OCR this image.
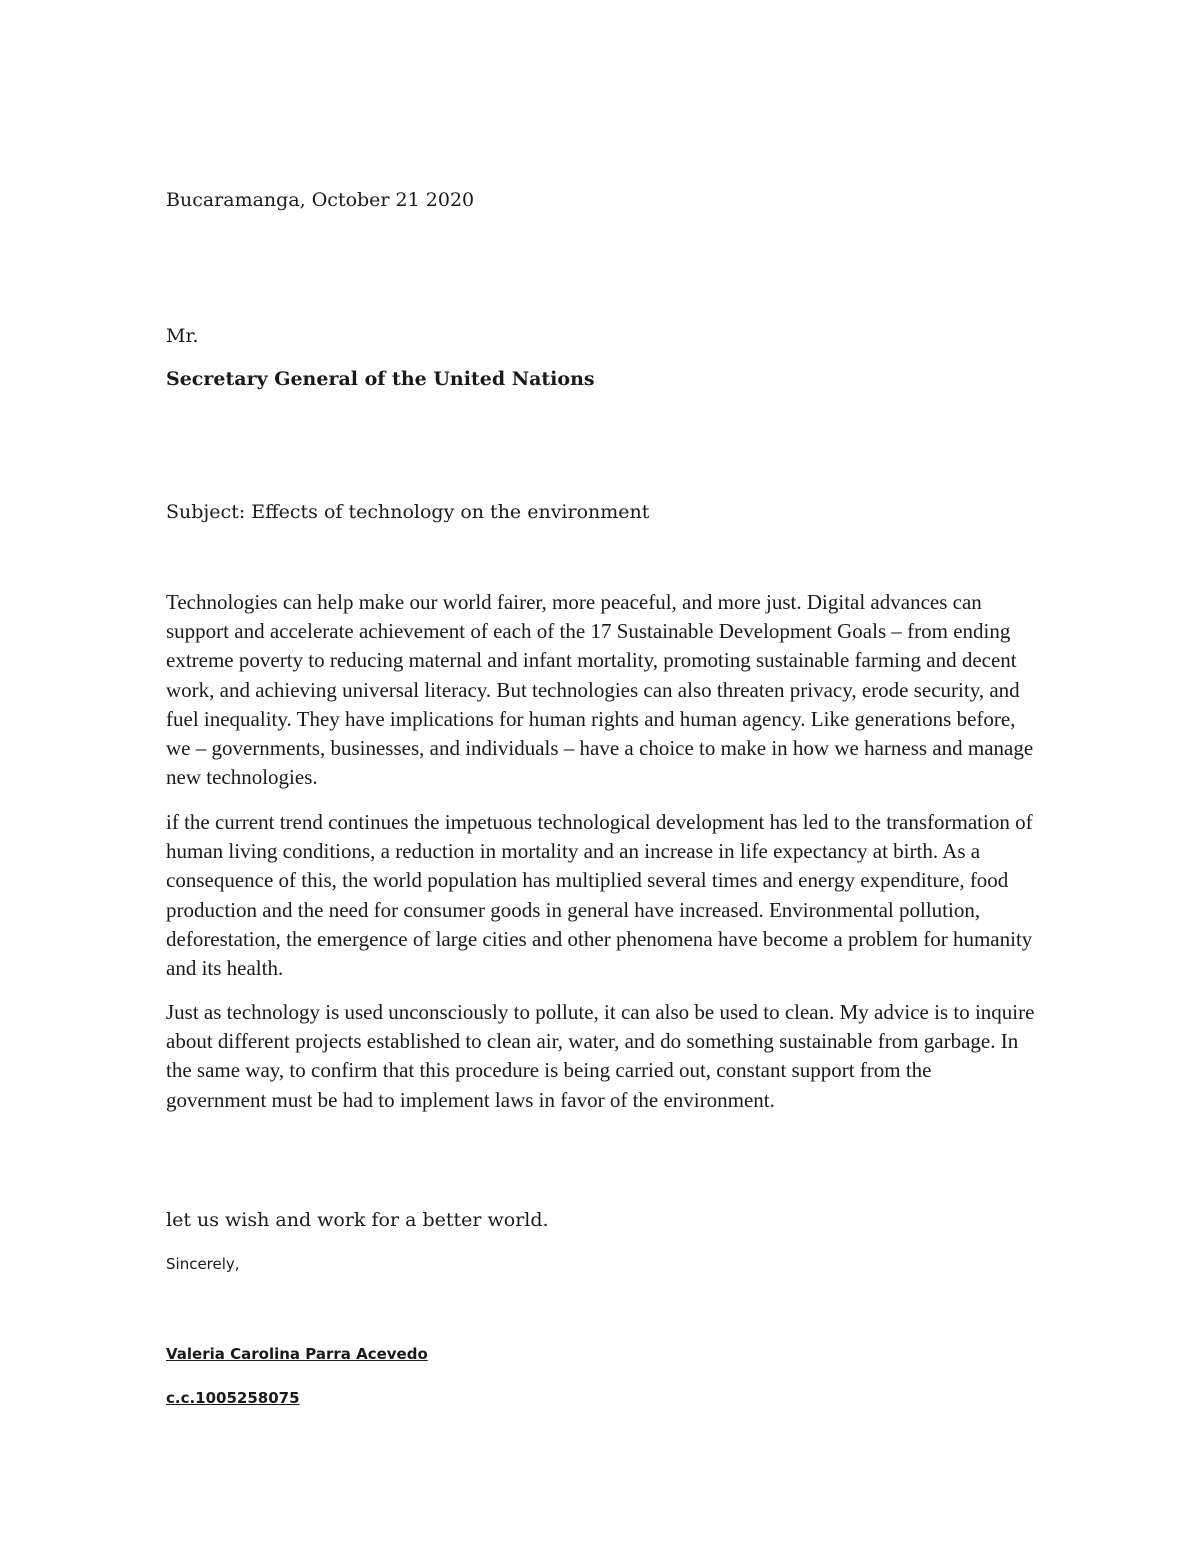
Bucaramanga, October 21 2020

Mr.

Secretary General of the United Nations

Subject: Effects of technology on the environment

Technologies can help make our world fairer, more peaceful, and more just. Digital advances can support and accelerate achievement of each of the 17 Sustainable Development Goals – from ending extreme poverty to reducing maternal and infant mortality, promoting sustainable farming and decent work, and achieving universal literacy. But technologies can also threaten privacy, erode security, and fuel inequality. They have implications for human rights and human agency. Like generations before, we – governments, businesses, and individuals – have a choice to make in how we harness and manage new technologies.

if the current trend continues the impetuous technological development has led to the transformation of human living conditions, a reduction in mortality and an increase in life expectancy at birth. As a consequence of this, the world population has multiplied several times and energy expenditure, food production and the need for consumer goods in general have increased. Environmental pollution, deforestation, the emergence of large cities and other phenomena have become a problem for humanity and its health.

Just as technology is used unconsciously to pollute, it can also be used to clean. My advice is to inquire about different projects established to clean air, water, and do something sustainable from garbage. In the same way, to confirm that this procedure is being carried out, constant support from the government must be had to implement laws in favor of the environment.

let us wish and work for a better world.

Sincerely,

Valeria Carolina Parra Acevedo

c.c.1005258075
